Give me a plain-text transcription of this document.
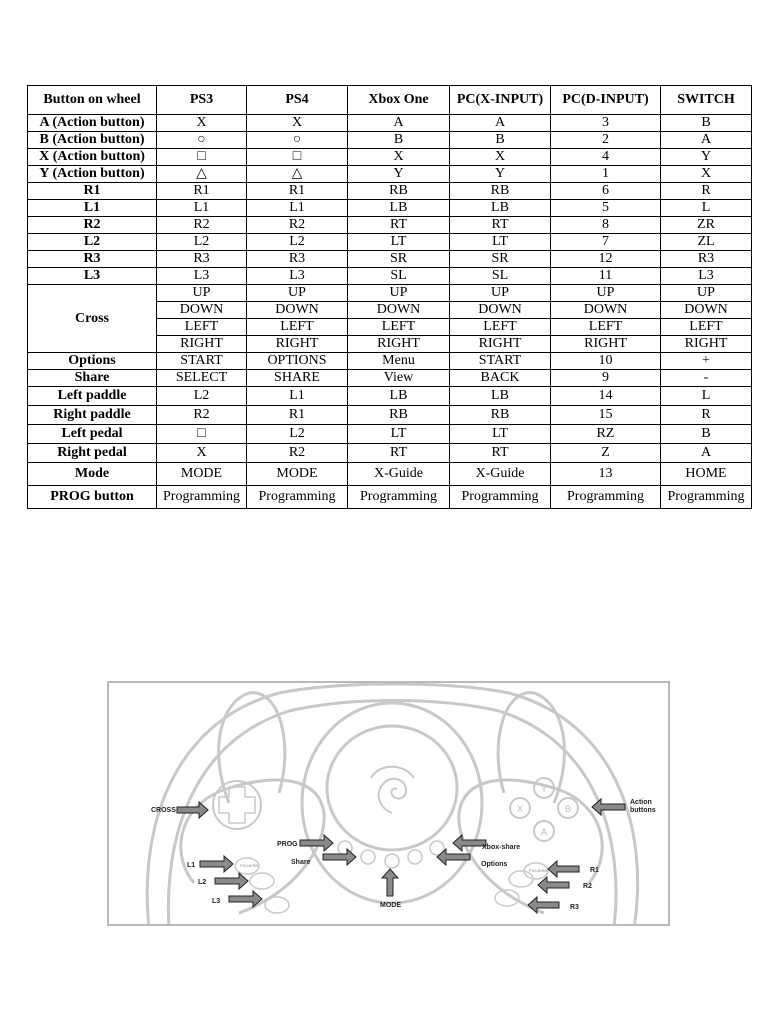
Button on wheel	PS3	PS4	Xbox One	PC(X-INPUT)	PC(D-INPUT)	SWITCH
A (Action button)	X	X	A	A	3	B
B (Action button)	○	○	B	B	2	A
X (Action button)	□	□	X	X	4	Y
Y (Action button)	△	△	Y	Y	1	X
R1	R1	R1	RB	RB	6	R
L1	L1	L1	LB	LB	5	L
R2	R2	R2	RT	RT	8	ZR
L2	L2	L2	LT	LT	7	ZL
R3	R3	R3	SR	SR	12	R3
L3	L3	L3	SL	SL	11	L3
Cross	UP	UP	UP	UP	UP	UP
	DOWN	DOWN	DOWN	DOWN	DOWN	DOWN
	LEFT	LEFT	LEFT	LEFT	LEFT	LEFT
	RIGHT	RIGHT	RIGHT	RIGHT	RIGHT	RIGHT
Options	START	OPTIONS	Menu	START	10	+
Share	SELECT	SHARE	View	BACK	9	-
Left paddle	L2	L1	LB	LB	14	L
Right paddle	R2	R1	RB	RB	15	R
Left pedal	□	L2	LT	LT	RZ	B
Right pedal	X	R2	RT	RT	Z	A
Mode	MODE	MODE	X-Guide	X-Guide	13	HOME
PROG button	Programming	Programming	Programming	Programming	Programming	Programming
Y
X	B
A
CROSS
PROG
Share
L1
L2
L3
MODE
Xbox-share
Options
Action
buttons
R1
R2
R3
PS/LB/RB
PS/LB/RB
